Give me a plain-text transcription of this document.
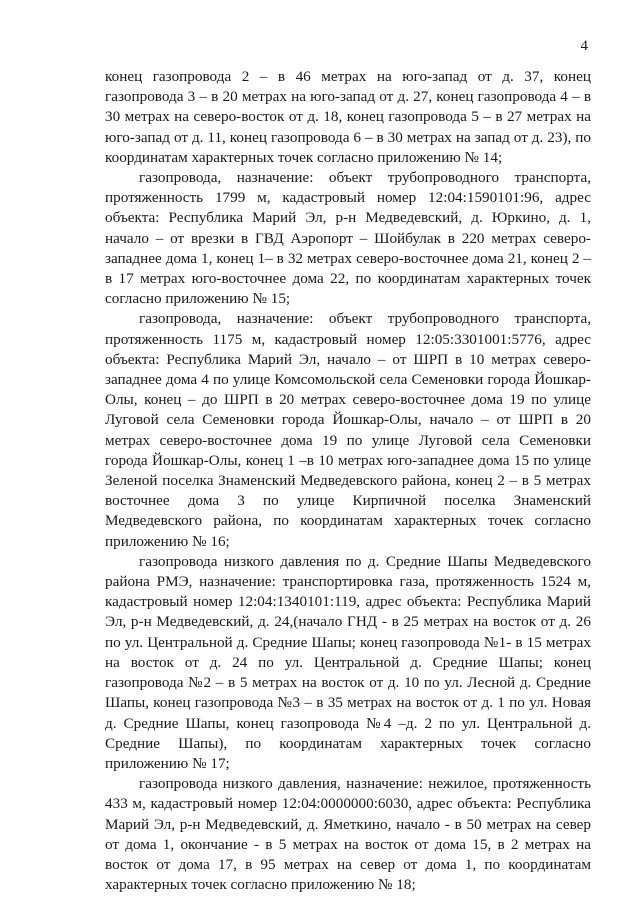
4

конец газопровода 2 – в 46 метрах на юго-запад от д. 37, конец газопровода 3 – в 20 метрах на юго-запад от д. 27, конец газопровода 4 – в 30 метрах на северо-восток от д. 18, конец газопровода 5 – в 27 метрах на юго-запад от д. 11, конец газопровода 6 – в 30 метрах на запад от д. 23), по координатам характерных точек согласно приложению № 14;

газопровода, назначение: объект трубопроводного транспорта, протяженность 1799 м, кадастровый номер 12:04:1590101:96, адрес объекта: Республика Марий Эл, р-н Медведевский, д. Юркино, д. 1, начало – от врезки в ГВД Аэропорт – Шойбулак в 220 метрах северо-западнее дома 1, конец 1– в 32 метрах северо-восточнее дома 21, конец 2 – в 17 метрах юго-восточнее дома 22, по координатам характерных точек согласно приложению № 15;

газопровода, назначение: объект трубопроводного транспорта, протяженность 1175 м, кадастровый номер 12:05:3301001:5776, адрес объекта: Республика Марий Эл, начало – от ШРП в 10 метрах северо-западнее дома 4 по улице Комсомольской села Семеновки города Йошкар-Олы, конец – до ШРП в 20 метрах северо-восточнее дома 19 по улице Луговой села Семеновки города Йошкар-Олы, начало – от ШРП в 20 метрах северо-восточнее дома 19 по улице Луговой села Семеновки города Йошкар-Олы, конец 1 –в 10 метрах юго-западнее дома 15 по улице Зеленой поселка Знаменский Медведевского района, конец 2 – в 5 метрах восточнее дома 3 по улице Кирпичной поселка Знаменский Медведевского района, по координатам характерных точек согласно приложению № 16;

газопровода низкого давления по д. Средние Шапы Медведевского района РМЭ, назначение: транспортировка газа, протяженность 1524 м, кадастровый номер 12:04:1340101:119, адрес объекта: Республика Марий Эл, р-н Медведевский, д. 24,(начало ГНД - в 25 метрах на восток от д. 26 по ул. Центральной д. Средние Шапы; конец газопровода №1- в 15 метрах на восток от д. 24 по ул. Центральной д. Средние Шапы; конец газопровода №2 – в 5 метрах на восток от д. 10 по ул. Лесной д. Средние Шапы, конец газопровода №3 – в 35 метрах на восток от д. 1 по ул. Новая д. Средние Шапы, конец газопровода №4 –д. 2 по ул. Центральной д. Средние Шапы), по координатам характерных точек согласно приложению № 17;

газопровода низкого давления, назначение: нежилое, протяженность 433 м, кадастровый номер 12:04:0000000:6030, адрес объекта: Республика Марий Эл, р-н Медведевский, д. Яметкино, начало - в 50 метрах на север от дома 1, окончание - в 5 метрах на восток от дома 15, в 2 метрах на восток от дома 17, в 95 метрах на север от дома 1, по координатам характерных точек согласно приложению № 18;
